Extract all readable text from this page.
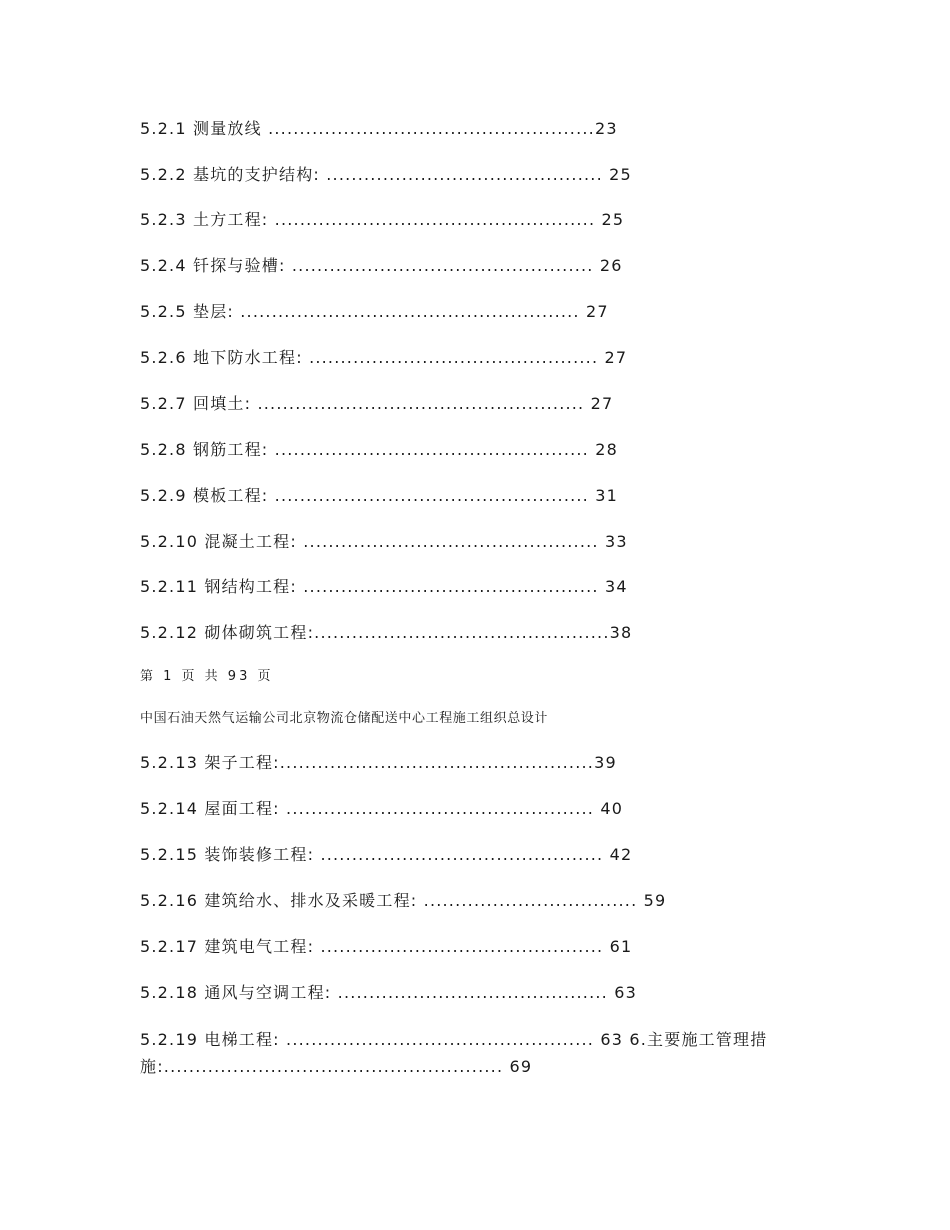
5.2.1 测量放线 ....................................................23
5.2.2 基坑的支护结构: ............................................ 25
5.2.3 土方工程: ................................................... 25
5.2.4 钎探与验槽: ................................................ 26
5.2.5 垫层: ...................................................... 27
5.2.6 地下防水工程: .............................................. 27
5.2.7 回填土: .................................................... 27
5.2.8 钢筋工程: .................................................. 28
5.2.9 模板工程: .................................................. 31
5.2.10 混凝土工程: ............................................... 33
5.2.11 钢结构工程: ............................................... 34
5.2.12 砌体砌筑工程:...............................................38
第 1 页 共 93 页
中国石油天然气运输公司北京物流仓储配送中心工程施工组织总设计
5.2.13 架子工程:..................................................39
5.2.14 屋面工程: ................................................. 40
5.2.15 装饰装修工程: ............................................. 42
5.2.16 建筑给水、排水及采暖工程: .................................. 59
5.2.17 建筑电气工程: ............................................. 61
5.2.18 通风与空调工程: ........................................... 63
5.2.19 电梯工程: ................................................. 63 6.主要施工管理措施:...................................................... 69
